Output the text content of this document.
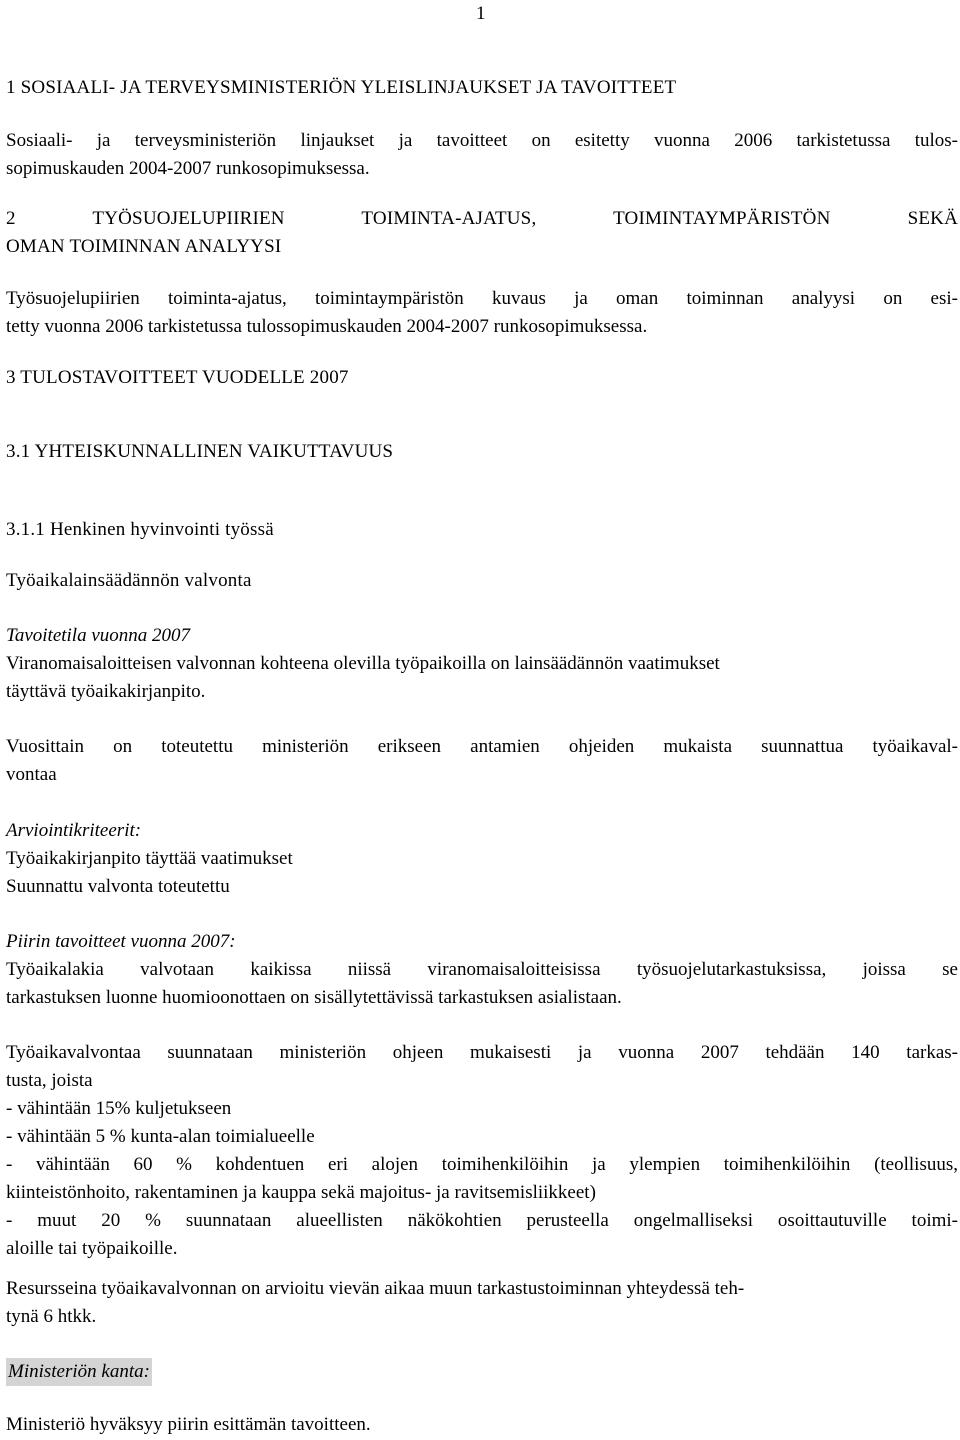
1
1 SOSIAALI- JA TERVEYSMINISTERIÖN YLEISLINJAUKSET JA TAVOITTEET
Sosiaali- ja terveysministeriön linjaukset ja tavoitteet on esitetty vuonna 2006 tarkistetussa tulos-
sopimuskauden 2004-2007 runkosopimuksessa.
2 TYÖSUOJELUPIIRIEN TOIMINTA-AJATUS, TOIMINTAYMPÄRISTÖN SEKÄ
OMAN TOIMINNAN ANALYYSI
Työsuojelupiirien toiminta-ajatus, toimintaympäristön kuvaus ja oman toiminnan analyysi on esi-
tetty vuonna 2006 tarkistetussa tulossopimuskauden 2004-2007 runkosopimuksessa.
3 TULOSTAVOITTEET VUODELLE 2007
3.1 YHTEISKUNNALLINEN VAIKUTTAVUUS
3.1.1 Henkinen hyvinvointi työssä
Työaikalainsäädännön valvonta
Tavoitetila vuonna 2007
Viranomaisaloitteisen valvonnan kohteena olevilla työpaikoilla on lainsäädännön vaatimukset
täyttävä työaikakirjanpito.
Vuosittain on toteutettu ministeriön erikseen antamien ohjeiden mukaista suunnattua työaikaval-
vontaa
Arviointikriteerit:
Työaikakirjanpito täyttää vaatimukset
Suunnattu valvonta toteutettu
Piirin tavoitteet vuonna 2007:
Työaikalakia valvotaan kaikissa niissä viranomaisaloitteisissa työsuojelutarkastuksissa, joissa se
tarkastuksen luonne huomioonottaen on sisällytettävissä tarkastuksen asialistaan.
Työaikavalvontaa suunnataan ministeriön ohjeen mukaisesti ja vuonna 2007 tehdään 140 tarkas-
tusta, joista
- vähintään 15% kuljetukseen
- vähintään 5 % kunta-alan toimialueelle
- vähintään 60 % kohdentuen eri alojen toimihenkilöihin ja ylempien toimihenkilöihin (teollisuus,
kiinteistönhoito, rakentaminen ja kauppa sekä majoitus- ja ravitsemisliikkeet)
- muut 20 % suunnataan alueellisten näkökohtien perusteella ongelmalliseksi osoittautuville toimi-
aloille tai työpaikoille.
Resursseina työaikavalvonnan on arvioitu vievän aikaa muun tarkastustoiminnan yhteydessä teh-
tynä 6 htkk.
Ministeriön kanta:
Ministeriö hyväksyy piirin esittämän tavoitteen.
